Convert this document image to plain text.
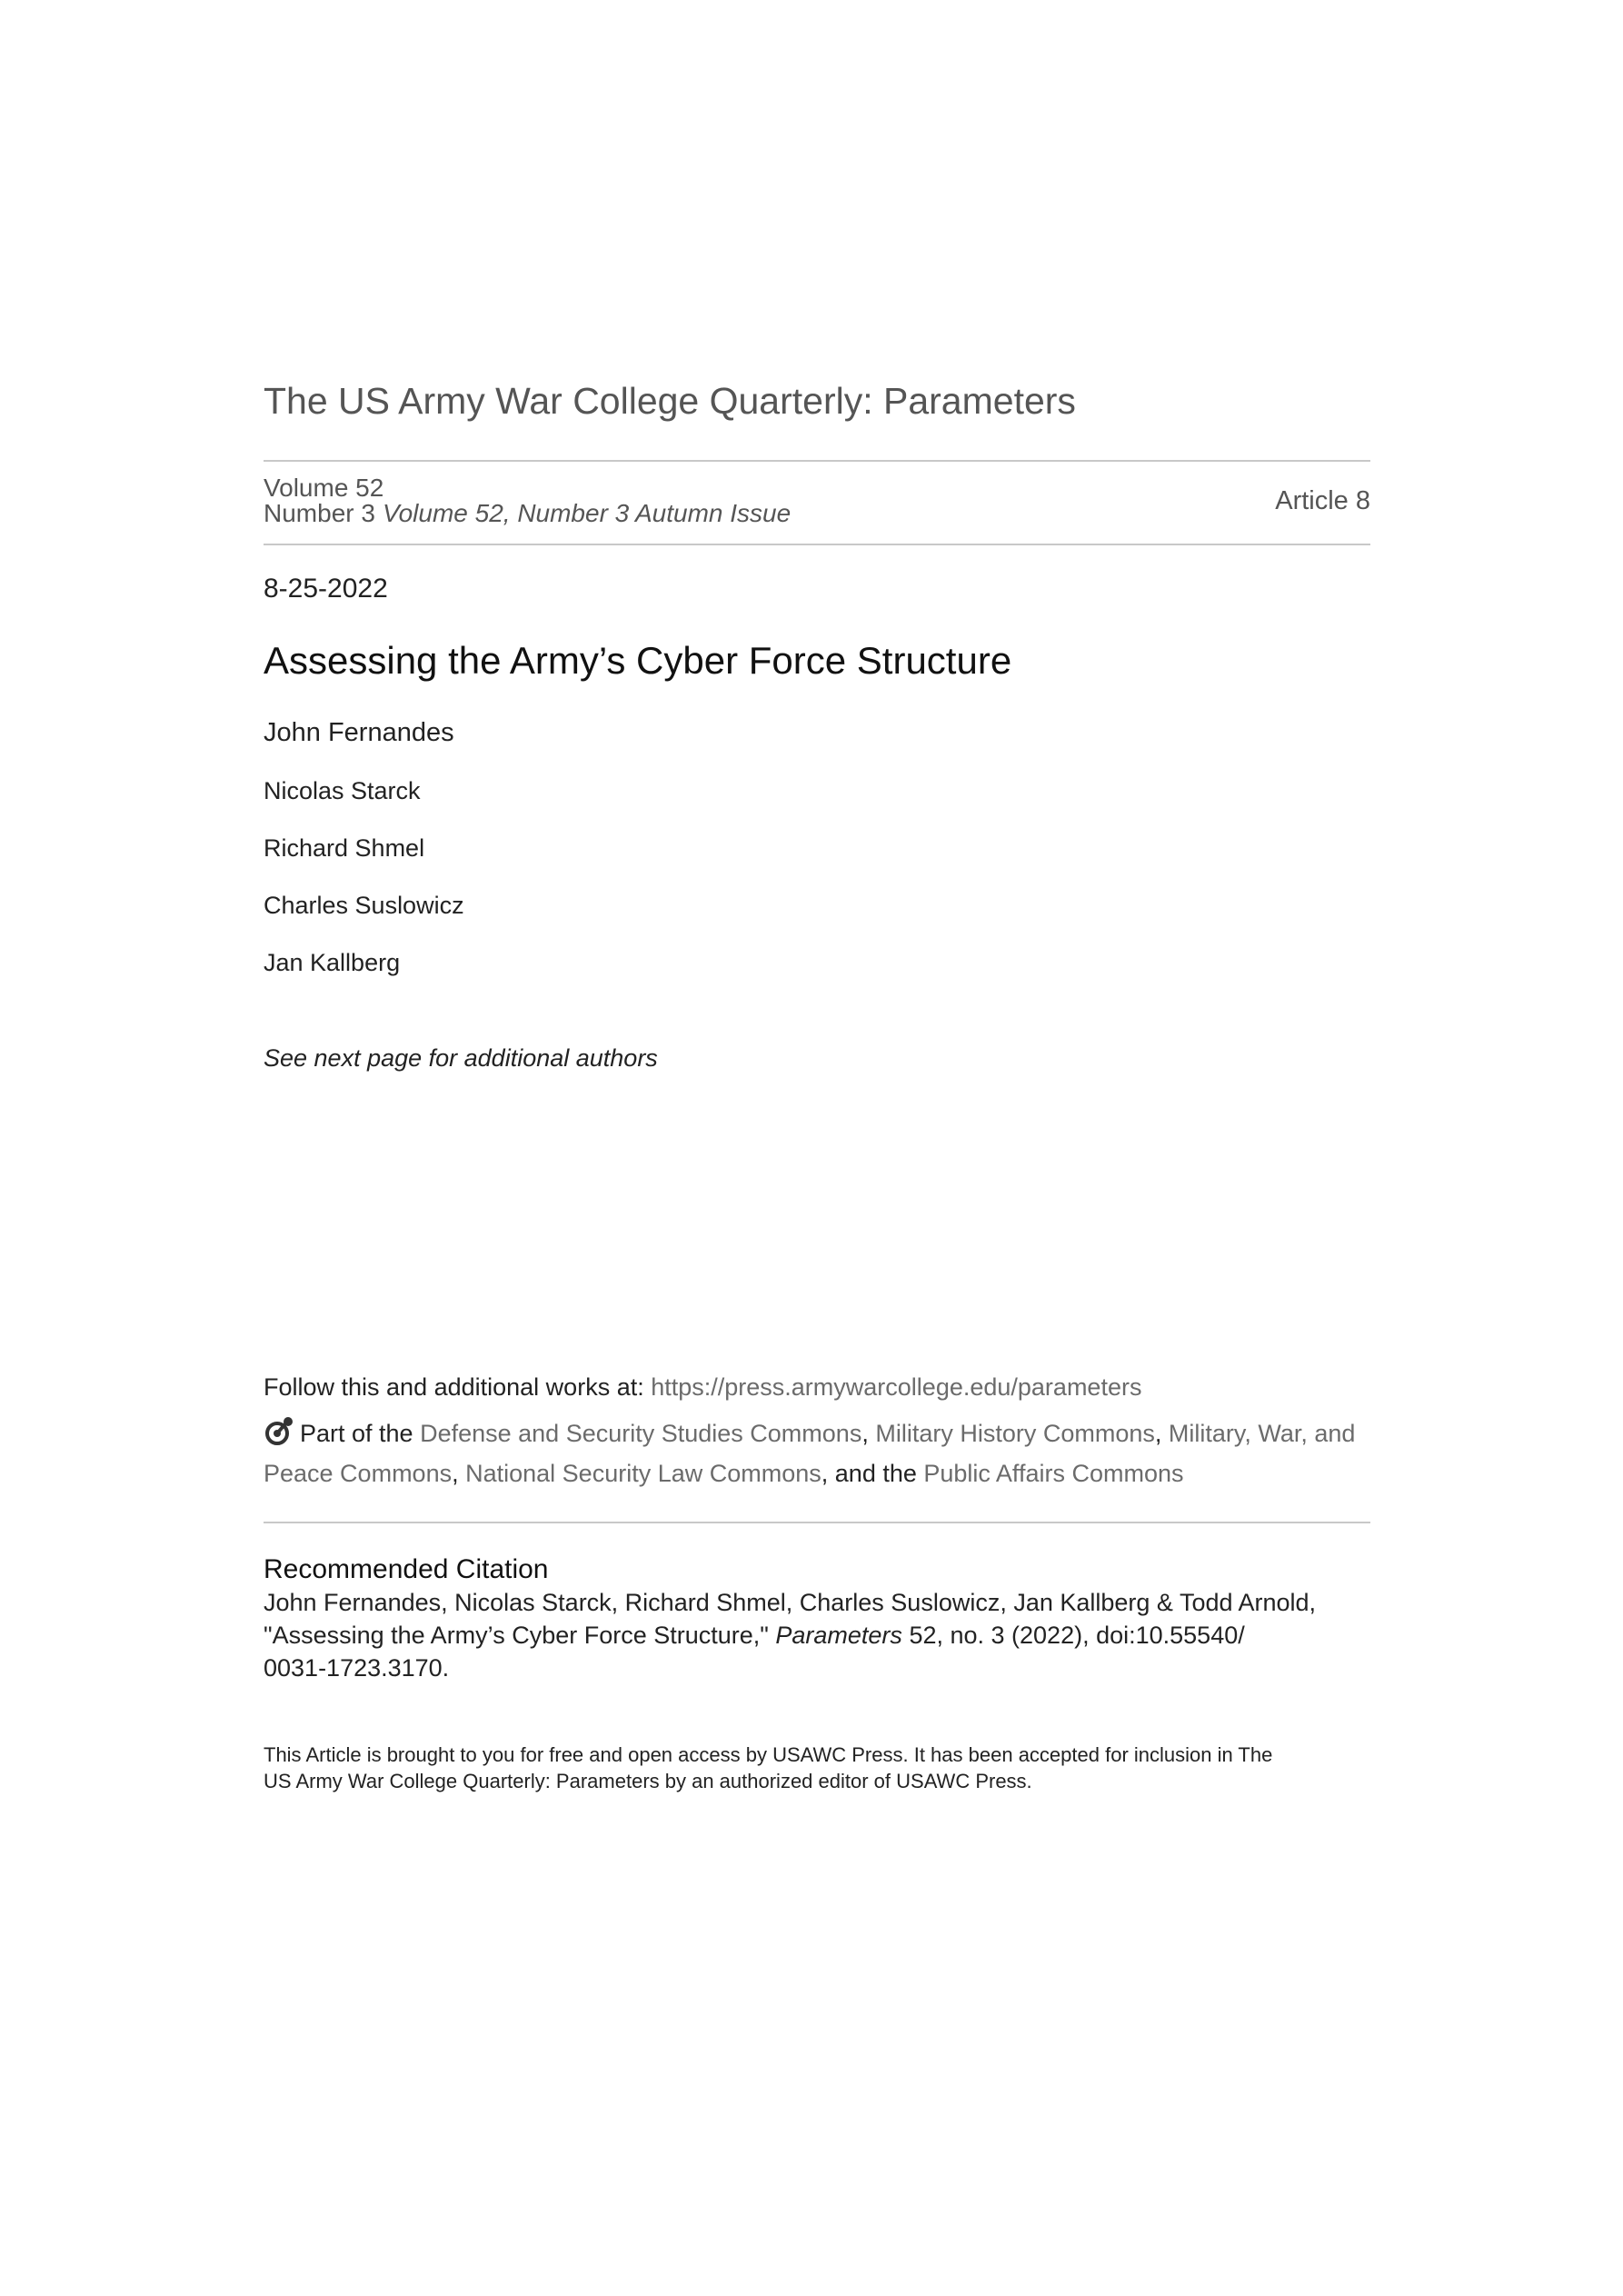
The US Army War College Quarterly: Parameters
Volume 52
Number 3 Volume 52, Number 3 Autumn Issue	Article 8
8-25-2022
Assessing the Army’s Cyber Force Structure
John Fernandes
Nicolas Starck
Richard Shmel
Charles Suslowicz
Jan Kallberg
See next page for additional authors
Follow this and additional works at: https://press.armywarcollege.edu/parameters
Part of the Defense and Security Studies Commons, Military History Commons, Military, War, and
Peace Commons, National Security Law Commons, and the Public Affairs Commons
Recommended Citation
John Fernandes, Nicolas Starck, Richard Shmel, Charles Suslowicz, Jan Kallberg & Todd Arnold,
"Assessing the Army’s Cyber Force Structure," Parameters 52, no. 3 (2022), doi:10.55540/
0031-1723.3170.
This Article is brought to you for free and open access by USAWC Press. It has been accepted for inclusion in The
US Army War College Quarterly: Parameters by an authorized editor of USAWC Press.
